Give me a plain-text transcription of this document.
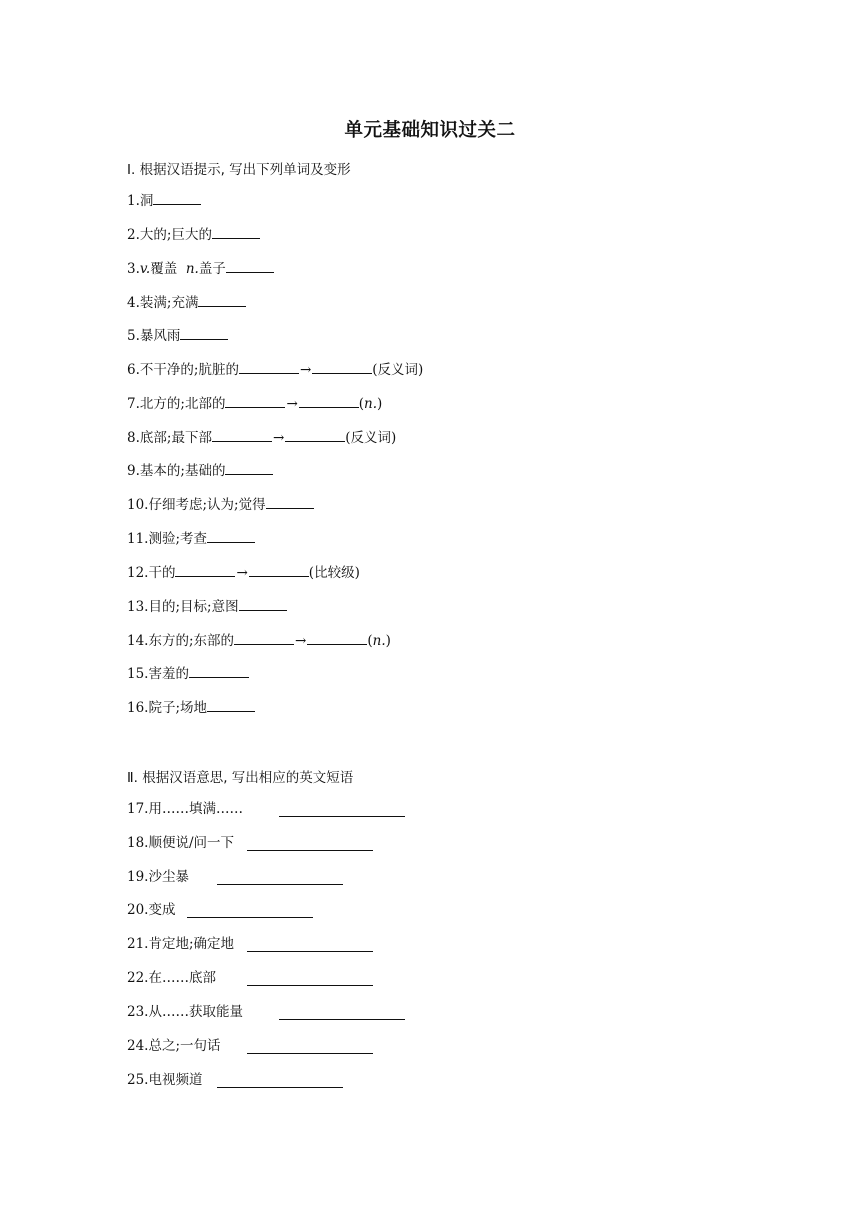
单元基础知识过关二
Ⅰ. 根据汉语提示, 写出下列单词及变形
1.洞
2.大的;巨大的
3.v.覆盖 n.盖子
4.装满;充满
5.暴风雨
6.不干净的;肮脏的	→	(反义词)
7.北方的;北部的	→	(n.)
8.底部;最下部	→	(反义词)
9.基本的;基础的
10.仔细考虑;认为;觉得
11.测验;考查
12.干的	→	(比较级)
13.目的;目标;意图
14.东方的;东部的	→	(n.)
15.害羞的
16.院子;场地
Ⅱ. 根据汉语意思, 写出相应的英文短语
17.用……填满……
18.顺便说/问一下
19.沙尘暴
20.变成
21.肯定地;确定地
22.在……底部
23.从……获取能量
24.总之;一句话
25.电视频道
